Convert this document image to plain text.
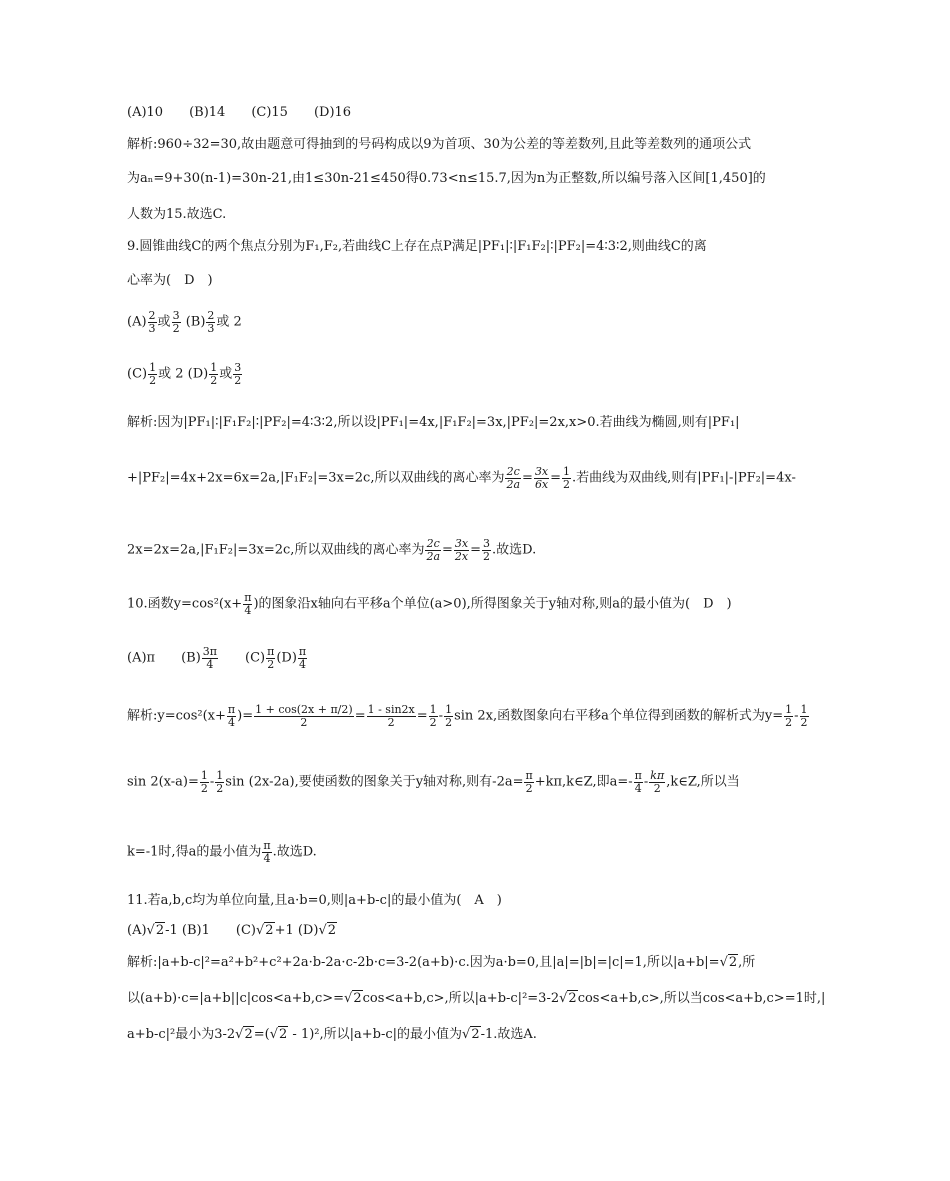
(A)10　　(B)14　　(C)15　　(D)16
解析:960÷32=30,故由题意可得抽到的号码构成以9为首项、30为公差的等差数列,且此等差数列的通项公式
为aₙ=9+30(n-1)=30n-21,由1≤30n-21≤450得0.73<n≤15.7,因为n为正整数,所以编号落入区间[1,450]的
人数为15.故选C.
9.圆锥曲线C的两个焦点分别为F₁,F₂,若曲线C上存在点P满足|PF₁|∶|F₁F₂|∶|PF₂|=4∶3∶2,则曲线C的离
心率为(　D　)
$(A) \frac{2}{3}$ 或 $\frac{3}{2} (B) \frac{2}{3}$ 或 2
$(C) \frac{1}{2}$ 或 2 $(D) \frac{1}{2}$ 或 $\frac{3}{2}$
解析:因为|PF₁|∶|F₁F₂|∶|PF₂|=4∶3∶2,所以设|PF₁|=4x,|F₁F₂|=3x,|PF₂|=2x,x>0.若曲线为椭圆,则有|PF₁|
+|PF₂|=4x+2x=6x=2a,|F₁F₂|=3x=2c,所以双曲线的离心率为 $\frac{2c}{2a} = \frac{3x}{6x} = \frac{1}{2}$ .若曲线为双曲线,则有|PF₁|-|PF₂|=4x-
2x=2x=2a,|F₁F₂|=3x=2c,所以双曲线的离心率为 $\frac{2c}{2a} = \frac{3x}{2x} = \frac{3}{2}$ .故选D.
10.函数$y=\cos^2(x+ \frac{\pi}{4}$ )的图象沿x轴向右平移a个单位(a>0),所得图象关于y轴对称,则a的最小值为(　D　)
(A)π　　$(B) \frac{3\pi}{4}$ 　　$(C) \frac{\pi}{2} (D) \frac{\pi}{4}$
解析:y=cos²(x+ $\frac{\pi}{4}$ )= $\frac{1 + \cos(2x + \pi/2)}{2} = \frac{1 - \sin 2x}{2} = \frac{1}{2} - \frac{1}{2}$ sin 2x,函数图象向右平移a个单位得到函数的解析式为$y= \frac{1}{2} - \frac{1}{2}$
$\sin 2(x-a)= \frac{1}{2} - \frac{1}{2}$ sin (2x-2a),要使函数的图象关于y轴对称,则有$-2a= \frac{\pi}{2}$ +kπ,k∈Z,即$a=- \frac{\pi}{4} - \frac{k\pi}{2}$ ,k∈Z,所以当
k=-1时,得a的最小值为 $\frac{\pi}{4}$ .故选D.
11.若a,b,c均为单位向量,且a·b=0,则|a+b-c|的最小值为(　A　)
(A)√2-1 (B)1　　(C)√2+1 (D)√2
解析:|a+b-c|²=a²+b²+c²+2a·b-2a·c-2b·c=3-2(a+b)·c.因为a·b=0,且|a|=|b|=|c|=1,所以|a+b|=√2,所
以(a+b)·c=|a+b||c|cos<a+b,c>=√2cos<a+b,c>,所以|a+b-c|²=3-2√2cos<a+b,c>,所以当cos<a+b,c>=1时,|
a+b-c|²最小为3-2√2=(√2 - 1)²,所以|a+b-c|的最小值为√2-1.故选A.
